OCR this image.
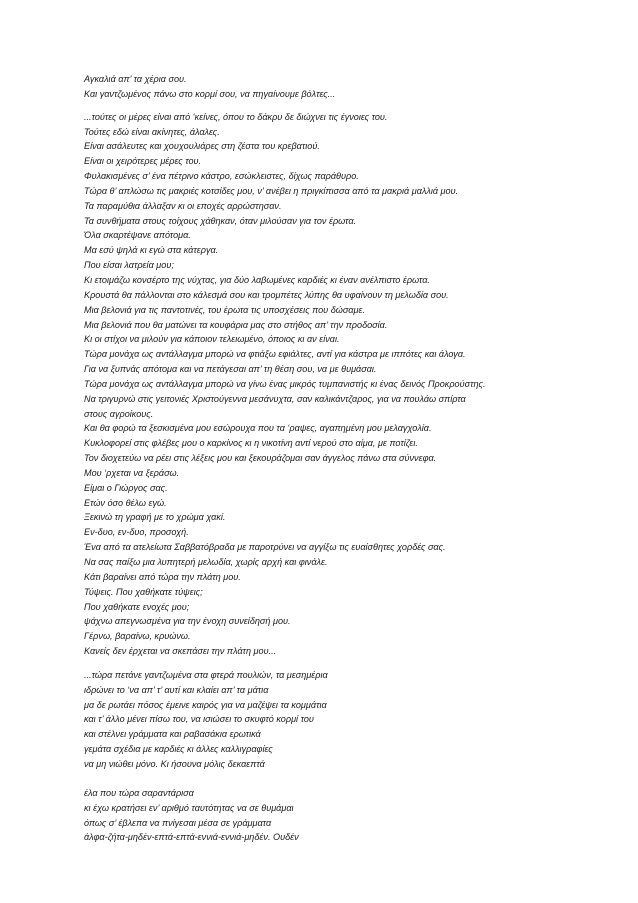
Αγκαλιά απ’ τα χέρια σου.
Και γαντζωμένος πάνω στο κορμί σου, να πηγαίνουμε βόλτες...
...τούτες οι μέρες είναι από ‘κείνες, όπου το δάκρυ δε διώχνει τις έγνοιες του.
Τούτες εδώ είναι ακίνητες, άλαλες.
Είναι ασάλευτες και χουχουλιάρες στη ζέστα του κρεβατιού.
Είναι οι χειρότερες μέρες του.
Φυλακισμένες σ’ ένα πέτρινο κάστρο, εσώκλειστες, δίχως παράθυρο.
Τώρα θ’ απλώσω τις μακριές κοτσίδες μου, ν’ ανέβει η πριγκίπισσα από τα μακριά μαλλιά μου.
Τα παραμύθια άλλαξαν κι οι εποχές αρρώστησαν.
Τα συνθήματα στους τοίχους χάθηκαν, όταν μιλούσαν για τον έρωτα.
Όλα σκαρτέψανε απότομα.
Μα εσύ ψηλά κι εγώ στα κάτεργα.
Που είσαι λατρεία μου;
Κι ετοιμάζω κονσέρτο της νύχτας, για δύο λαβωμένες καρδιές κι έναν ανέλπιστο έρωτα.
Κρουστά θα πάλλονται στο κάλεσμά σου και τρομπέτες λύπης θα υφαίνουν τη μελωδία σου.
Μια βελονιά για τις παντοτινές, του έρωτα τις υποσχέσεις που δώσαμε.
Μια βελονιά που θα ματώνει τα κουφάρια μας στο στήθος απ’ την προδοσία.
Κι οι στίχοι να μιλούν για κάποιον τελειωμένο, όποιος κι αν είναι.
Τώρα μονάχα ως αντάλλαγμα μπορώ να φτιάξω εφιάλτες, αντί για κάστρα με ιππότες και άλογα.
Για να ξυπνάς απότομα και να πετάγεσαι απ’ τη θέση σου, να με θυμάσαι.
Τώρα μονάχα ως αντάλλαγμα μπορώ να γίνω ένας μικρός τυμπανιστής κι ένας δεινός Προκρούστης.
Να τριγυρνώ στις γειτονιές Χριστούγεννα μεσάνυχτα, σαν καλικάντζαρος, για να πουλάω σπίρτα
στους αγροίκους.
Και θα φορώ τα ξεσκισμένα μου εσώρουχα που τα ‘ραψες, αγαπημένη μου μελαγχολία.
Κυκλοφορεί στις φλέβες μου ο καρκίνος κι η νικοτίνη αντί νερού στο αίμα, με ποτίζει.
Τον διοχετεύω να ρέει στις λέξεις μου και ξεκουράζομαι σαν άγγελος πάνω στα σύννεφα.
Μου ‘ρχεται να ξεράσω.
Είμαι ο Γιώργος σας.
Ετών όσο θέλω εγώ.
Ξεκινώ τη γραφή με το χρώμα χακί.
Εν-δυο, εν-δυο, προσοχή.
Ένα από τα ατελείωτα Σαββατόβραδα με παροτρύνει να αγγίξω τις ευαίσθητες χορδές σας.
Να σας παίξω μια λυπητερή μελωδία, χωρίς αρχή και φινάλε.
Κάτι βαραίνει από τώρα την πλάτη μου.
Τύψεις. Που χαθήκατε τύψεις;
Που χαθήκατε ενοχές μου;
ψάχνω απεγνωσμένα για την ένοχη συνείδησή μου.
Γέρνω, βαραίνω, κρυώνω.
Κανείς δεν έρχεται να σκεπάσει την πλάτη μου...
...τώρα πετάνε γαντζωμένα στα φτερά πουλιών, τα μεσημέρια
ιδρώνει το ‘να απ’ τ’ αυτί και κλαίει απ’ τα μάτια
μα δε ρωτάει πόσος έμεινε καιρός για να μαζέψει τα κομμάτια
και τ’ άλλο μένει πίσω του, να ισιώσει το σκυφτό κορμί του
και στέλνει γράμματα και ραβασάκια ερωτικά
γεμάτα σχέδια με καρδιές κι άλλες καλλιγραφίες
να μη νιώθει μόνο. Κι ήσουνα μόλις δεκαεπτά
έλα που τώρα σαραντάρισα
κι έχω κρατήσει εν’ αριθμό ταυτότητας να σε θυμάμαι
όπως σ’ έβλεπα να πνίγεσαι μέσα σε γράμματα
άλφα-ζήτα-μηδέν-επτά-επτά-εννιά-εννιά-μηδέν. Ουδέν
